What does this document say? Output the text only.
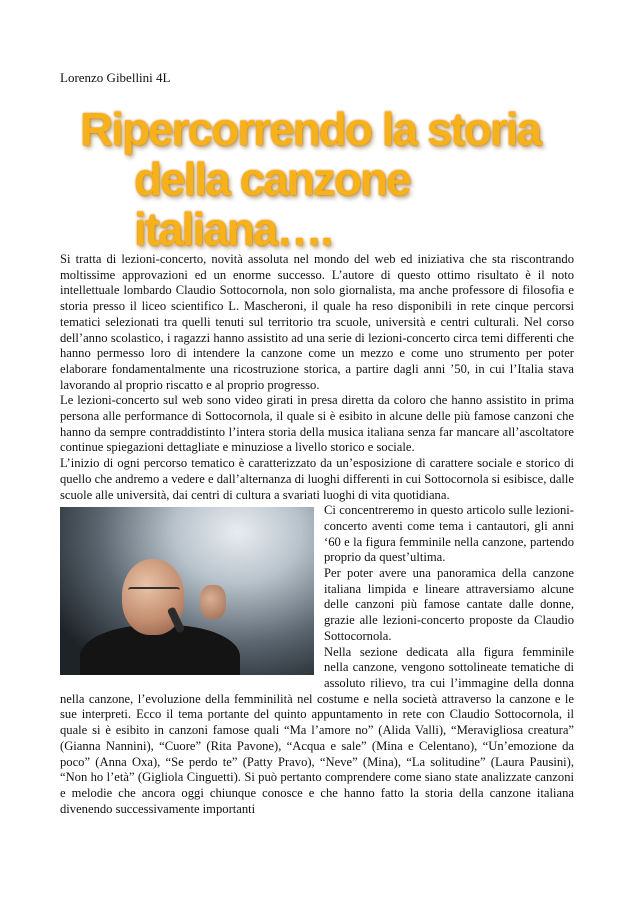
Lorenzo Gibellini 4L
Ripercorrendo la storia
della canzone italiana….

Si tratta di lezioni-concerto, novità assoluta nel mondo del web ed iniziativa che sta riscontrando moltissime approvazioni ed un enorme successo. L’autore di questo ottimo risultato è il noto intellettuale lombardo Claudio Sottocornola, non solo giornalista, ma anche professore di filosofia e storia presso il liceo scientifico L. Mascheroni, il quale ha reso disponibili in rete cinque percorsi tematici selezionati tra quelli tenuti sul territorio tra scuole, università e centri culturali. Nel corso dell’anno scolastico, i ragazzi hanno assistito ad una serie di lezioni-concerto circa temi differenti che hanno permesso loro di intendere la canzone come un mezzo e come uno strumento per poter elaborare fondamentalmente una ricostruzione storica, a partire dagli anni ’50, in cui l’Italia stava lavorando al proprio riscatto e al proprio progresso.

Le lezioni-concerto sul web sono video girati in presa diretta da coloro che hanno assistito in prima persona alle performance di Sottocornola, il quale si è esibito in alcune delle più famose canzoni che hanno da sempre contraddistinto l’intera storia della musica italiana senza far mancare all’ascoltatore continue spiegazioni dettagliate e minuziose a livello storico e sociale.

L’inizio di ogni percorso tematico è caratterizzato da un’esposizione di carattere sociale e storico di quello che andremo a vedere e dall’alternanza di luoghi differenti in cui Sottocornola si esibisce, dalle scuole alle università, dai centri di cultura a svariati luoghi di vita quotidiana.

Ci concentreremo in questo articolo sulle lezioni-concerto aventi come tema i cantautori, gli anni ‘60 e la figura femminile nella canzone, partendo proprio da quest’ultima.

Per poter avere una panoramica della canzone italiana limpida e lineare attraversiamo alcune delle canzoni più famose cantate dalle donne, grazie alle lezioni-concerto proposte da Claudio Sottocornola.

Nella sezione dedicata alla figura femminile nella canzone, vengono sottolineate tematiche di assoluto rilievo, tra cui l’immagine della donna nella canzone, l’evoluzione della femminilità nel costume e nella società attraverso la canzone e le sue interpreti. Ecco il tema portante del quinto appuntamento in rete con Claudio Sottocornola, il quale si è esibito in canzoni famose quali “Ma l’amore no” (Alida Valli), “Meravigliosa creatura” (Gianna Nannini), “Cuore” (Rita Pavone), “Acqua e sale” (Mina e Celentano), “Un’emozione da poco” (Anna Oxa), “Se perdo te” (Patty Pravo), “Neve” (Mina), “La solitudine” (Laura Pausini), “Non ho l’età” (Gigliola Cinguetti). Si può pertanto comprendere come siano state analizzate canzoni e melodie che ancora oggi chiunque conosce e che hanno fatto la storia della canzone italiana divenendo successivamente importanti
